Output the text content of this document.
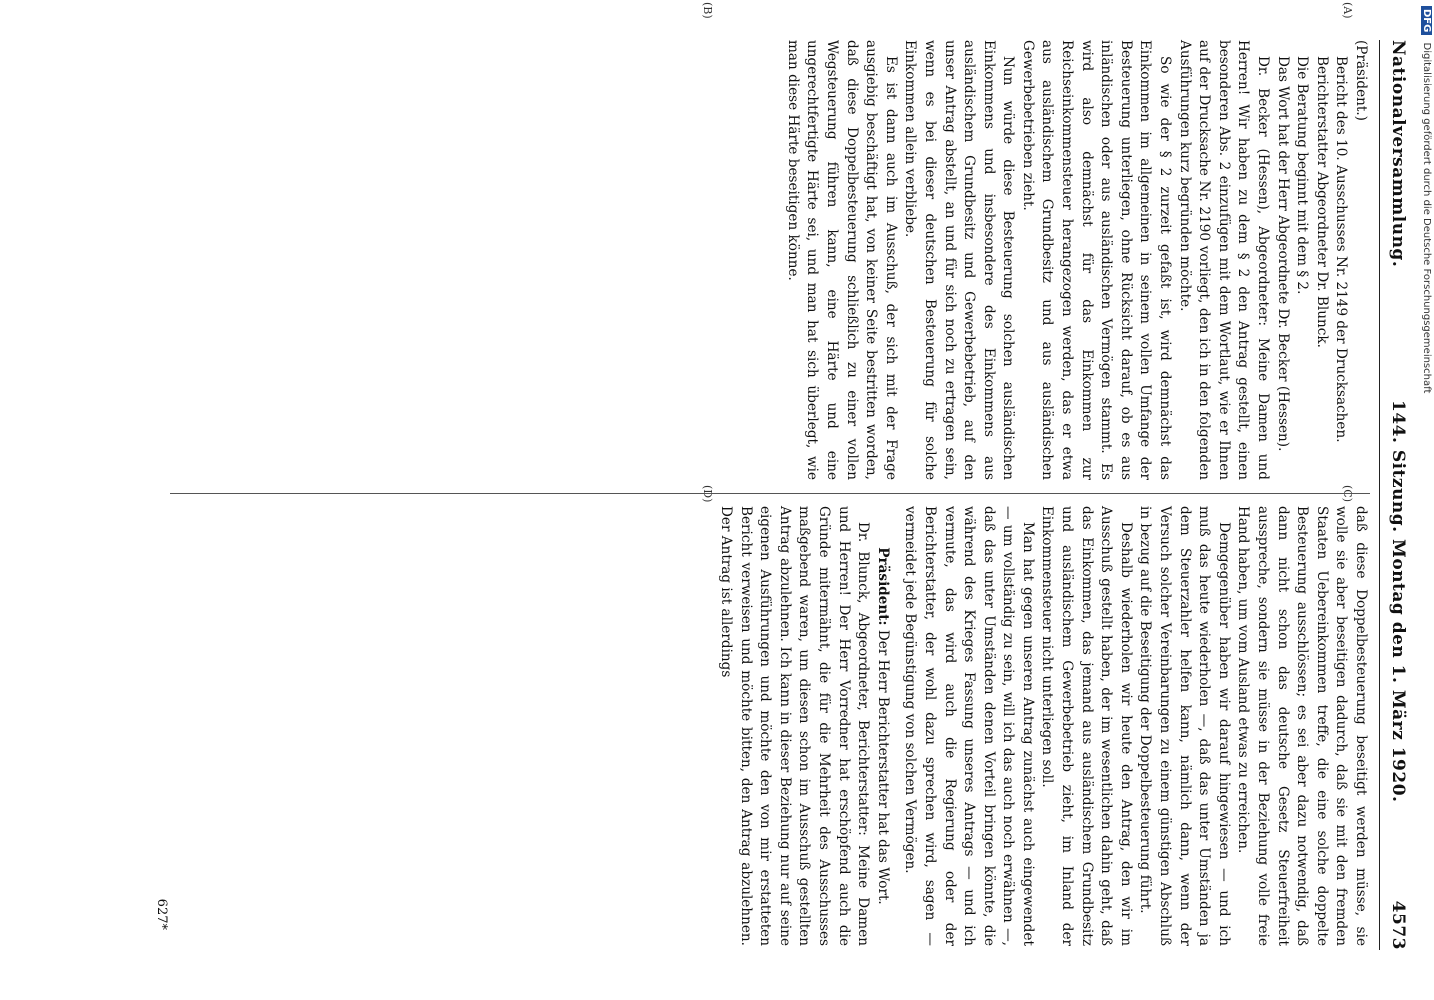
Nationalversammlung.
144. Sitzung. Montag den 1. März 1920.
4573
(A)
(B)
(C)
(D)

(Präsident.)

Bericht des 10. Ausschusses Nr. 2149 der Drucksachen.

Berichterstatter Abgeordneter Dr. Blunck.

Die Beratung beginnt mit dem § 2.

Das Wort hat der Herr Abgeordnete Dr. Becker (Hessen).

Dr. Becker (Hessen), Abgeordneter: Meine Damen und Herren! Wir haben zu dem § 2 den Antrag gestellt, einen besonderen Abs. 2 einzufügen mit dem Wortlaut, wie er Ihnen auf der Drucksache Nr. 2190 vorliegt, den ich in den folgenden Ausführungen kurz begründen möchte.

So wie der § 2 zurzeit gefaßt ist, wird demnächst das Einkommen im allgemeinen in seinem vollen Umfange der Besteuerung unterliegen, ohne Rücksicht darauf, ob es aus inländischen oder aus ausländischen Vermögen stammt. Es wird also demnächst für das Einkommen zur Reichseinkommensteuer herangezogen werden, das er etwa aus ausländischem Grundbesitz und aus ausländischen Gewerbebetrieben zieht.

Nun würde diese Besteuerung solchen ausländischen Einkommens und insbesondere des Einkommens aus ausländischem Grundbesitz und Gewerbebetrieb, auf den unser Antrag abstellt, an und für sich noch zu ertragen sein, wenn es bei dieser deutschen Besteuerung für solche Einkommen allein verbliebe.

Es ist dann auch im Ausschuß, der sich mit der Frage ausgiebig beschäftigt hat, von keiner Seite bestritten worden, daß diese Doppelbesteuerung schließlich zu einer vollen Wegsteuerung führen kann, eine Härte und eine ungerechtfertigte Härte sei, und man hat sich überlegt, wie man diese Härte beseitigen könne.

daß diese Doppelbesteuerung beseitigt werden müsse, sie wolle sie aber beseitigen dadurch, daß sie mit den fremden Staaten Uebereinkommen treffe, die eine solche doppelte Besteuerung ausschlössen; es sei aber dazu notwendig, daß dann nicht schon das deutsche Gesetz Steuerfreiheit ausspreche, sondern sie müsse in der Beziehung volle freie Hand haben, um vom Ausland etwas zu erreichen.

Demgegenüber haben wir darauf hingewiesen — und ich muß das heute wiederholen —, daß das unter Umständen ja dem Steuerzahler helfen kann, nämlich dann, wenn der Versuch solcher Vereinbarungen zu einem günstigen Abschluß in bezug auf die Beseitigung der Doppelbesteuerung führt.

Deshalb wiederholen wir heute den Antrag, den wir im Ausschuß gestellt haben, der im wesentlichen dahin geht, daß das Einkommen, das jemand aus ausländischem Grundbesitz und ausländischem Gewerbebetrieb zieht, im Inland der Einkommensteuer nicht unterliegen soll.

Man hat gegen unseren Antrag zunächst auch eingewendet — um vollständig zu sein, will ich das auch noch erwähnen —, daß das unter Umständen denen Vorteil bringen könnte, die während des Krieges Fassung unseres Antrags — und ich vermute, das wird auch die Regierung oder der Berichterstatter, der wohl dazu sprechen wird, sagen — vermeidet jede Begünstigung von solchen Vermögen.

Präsident: Der Herr Berichterstatter hat das Wort.

Dr. Blunck, Abgeordneter, Berichterstatter: Meine Damen und Herren! Der Herr Vorredner hat erschöpfend auch die Gründe mitermähnt, die für die Mehrheit des Ausschusses maßgebend waren, um diesen schon im Ausschuß gestellten Antrag abzulehnen. Ich kann in dieser Beziehung nur auf seine eigenen Ausführungen und möchte den von mir erstatteten Bericht verweisen und möchte bitten, den Antrag abzulehnen. Der Antrag ist allerdings

627*
DFG Digitalisierung gefördert durch die Deutsche Forschungsgemeinschaft
